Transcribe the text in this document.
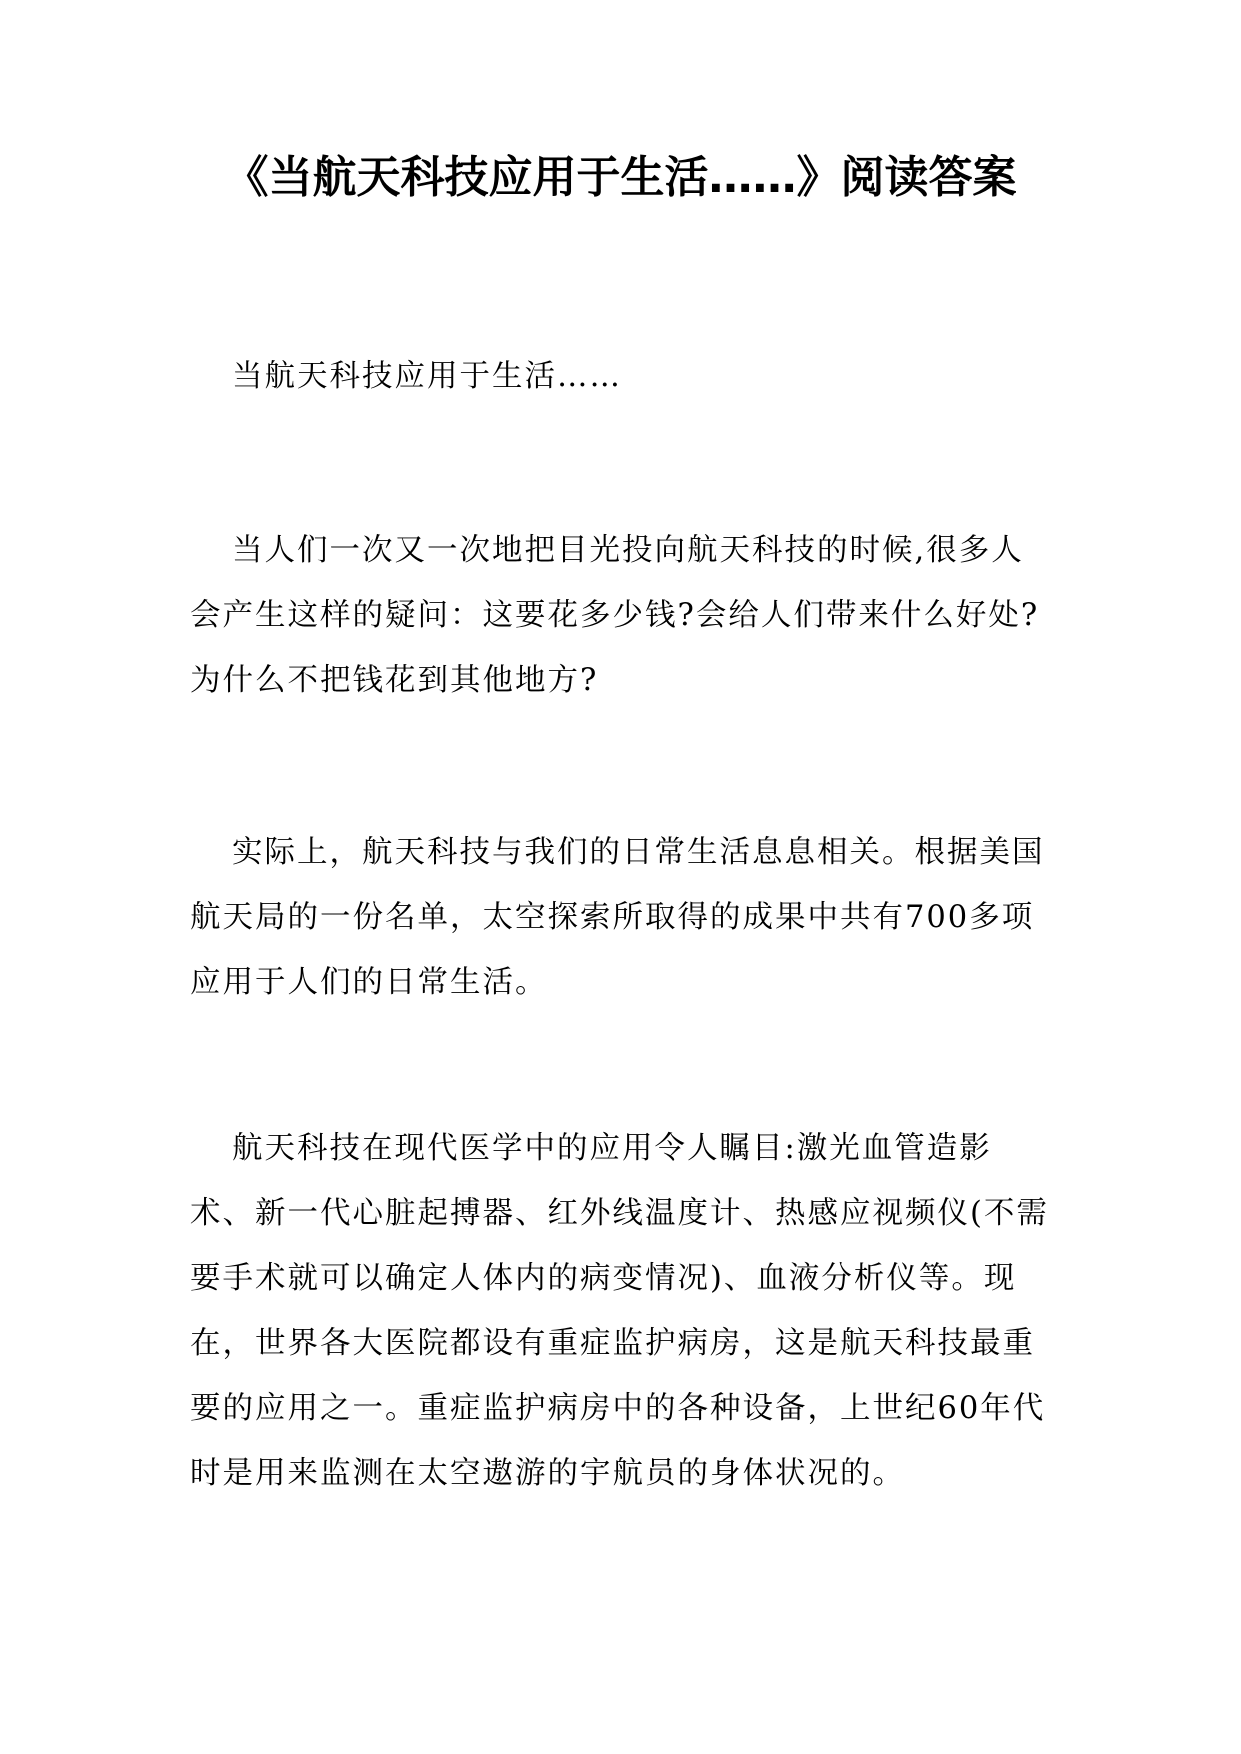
《当航天科技应用于生活……》阅读答案

当航天科技应用于生活……

当人们一次又一次地把目光投向航天科技的时候,很多人会产生这样的疑问：这要花多少钱?会给人们带来什么好处?为什么不把钱花到其他地方?

实际上，航天科技与我们的日常生活息息相关。根据美国航天局的一份名单，太空探索所取得的成果中共有700多项应用于人们的日常生活。

航天科技在现代医学中的应用令人瞩目:激光血管造影术、新一代心脏起搏器、红外线温度计、热感应视频仪(不需要手术就可以确定人体内的病变情况)、血液分析仪等。现在，世界各大医院都设有重症监护病房，这是航天科技最重要的应用之一。重症监护病房中的各种设备，上世纪60年代时是用来监测在太空遨游的宇航员的身体状况的。
